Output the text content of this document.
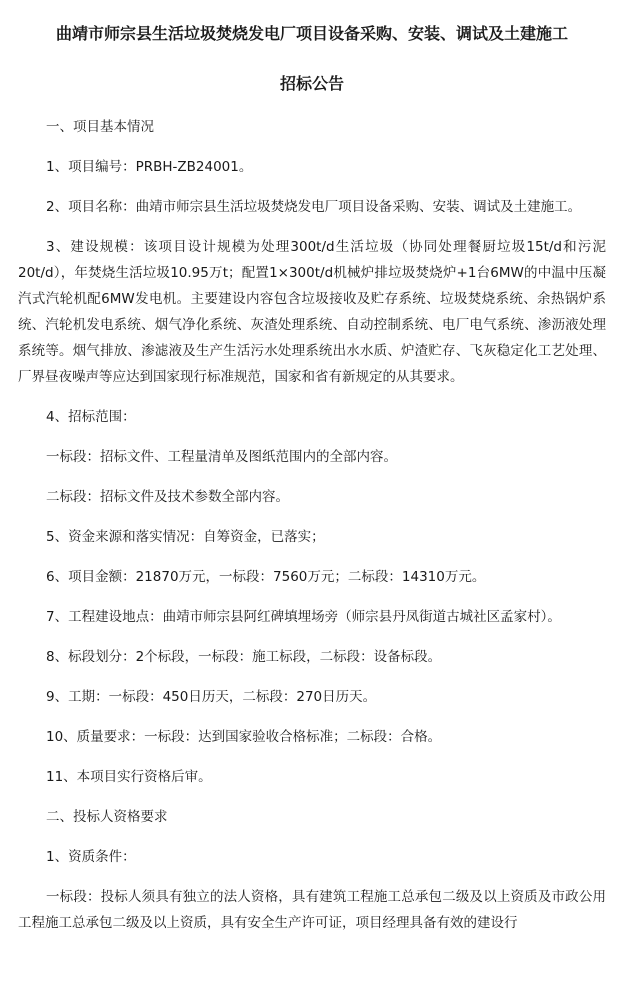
曲靖市师宗县生活垃圾焚烧发电厂项目设备采购、安装、调试及土建施工
招标公告

一、项目基本情况

1、项目编号：PRBH-ZB24001。

2、项目名称：曲靖市师宗县生活垃圾焚烧发电厂项目设备采购、安装、调试及土建施工。

3、建设规模：该项目设计规模为处理300t/d生活垃圾（协同处理餐厨垃圾15t/d和污泥20t/d），年焚烧生活垃圾10.95万t；配置1×300t/d机械炉排垃圾焚烧炉+1台6MW的中温中压凝汽式汽轮机配6MW发电机。主要建设内容包含垃圾接收及贮存系统、垃圾焚烧系统、余热锅炉系统、汽轮机发电系统、烟气净化系统、灰渣处理系统、自动控制系统、电厂电气系统、渗沥液处理系统等。烟气排放、渗滤液及生产生活污水处理系统出水水质、炉渣贮存、飞灰稳定化工艺处理、厂界昼夜噪声等应达到国家现行标准规范，国家和省有新规定的从其要求。

4、招标范围：

一标段：招标文件、工程量清单及图纸范围内的全部内容。

二标段：招标文件及技术参数全部内容。

5、资金来源和落实情况：自筹资金，已落实；

6、项目金额：21870万元，一标段：7560万元；二标段：14310万元。

7、工程建设地点：曲靖市师宗县阿红碑填埋场旁（师宗县丹凤街道古城社区孟家村）。

8、标段划分：2个标段，一标段：施工标段，二标段：设备标段。

9、工期：一标段：450日历天，二标段：270日历天。

10、质量要求：一标段：达到国家验收合格标准；二标段：合格。

11、本项目实行资格后审。

二、投标人资格要求

1、资质条件：

一标段：投标人须具有独立的法人资格，具有建筑工程施工总承包二级及以上资质及市政公用工程施工总承包二级及以上资质，具有安全生产许可证，项目经理具备有效的建设行
